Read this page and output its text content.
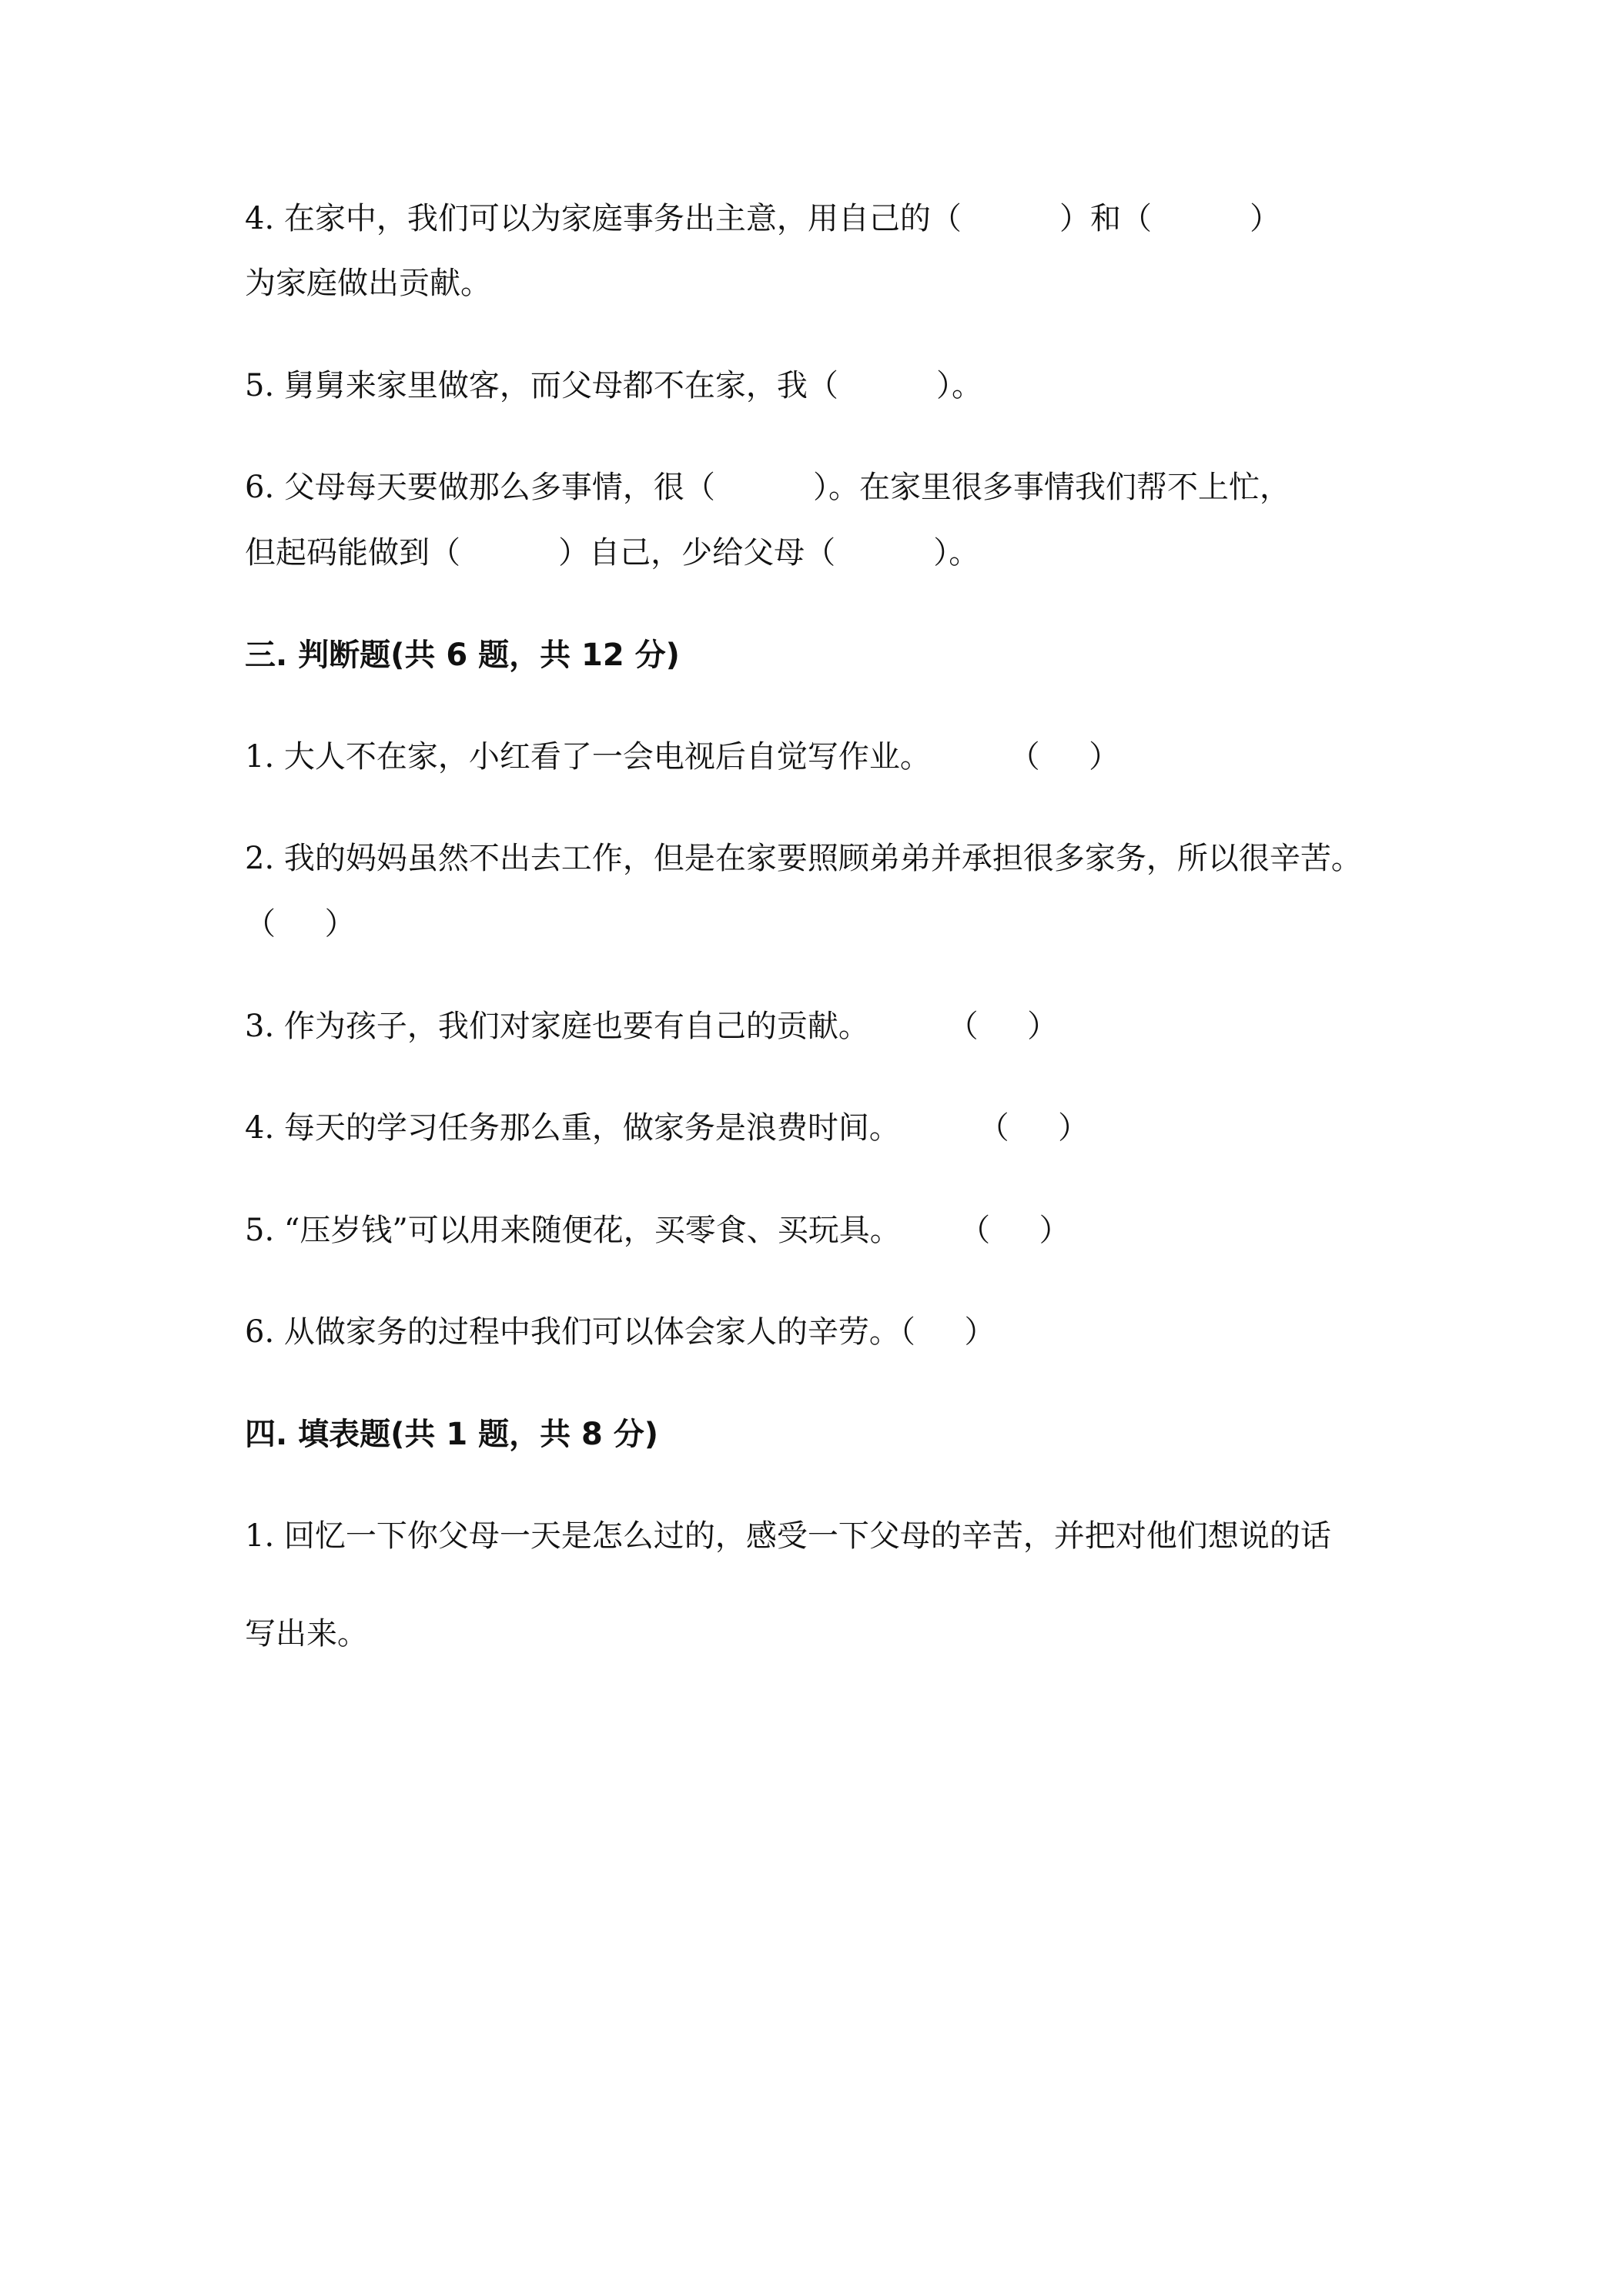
4. 在家中，我们可以为家庭事务出主意，用自己的（          ）和（          ）

为家庭做出贡献。

5. 舅舅来家里做客，而父母都不在家，我（          ）。

6. 父母每天要做那么多事情，很（          ）。在家里很多事情我们帮不上忙，

但起码能做到（          ）自己，少给父母（          ）。

三. 判断题(共 6 题，共 12 分)

1. 大人不在家，小红看了一会电视后自觉写作业。        （     ）

2. 我的妈妈虽然不出去工作，但是在家要照顾弟弟并承担很多家务，所以很辛苦。

（     ）

3. 作为孩子，我们对家庭也要有自己的贡献。        （     ）

4. 每天的学习任务那么重，做家务是浪费时间。        （     ）

5. “压岁钱”可以用来随便花，买零食、买玩具。      （     ）

6. 从做家务的过程中我们可以体会家人的辛劳。（     ）

四. 填表题(共 1 题，共 8 分)

1. 回忆一下你父母一天是怎么过的，感受一下父母的辛苦，并把对他们想说的话

写出来。
